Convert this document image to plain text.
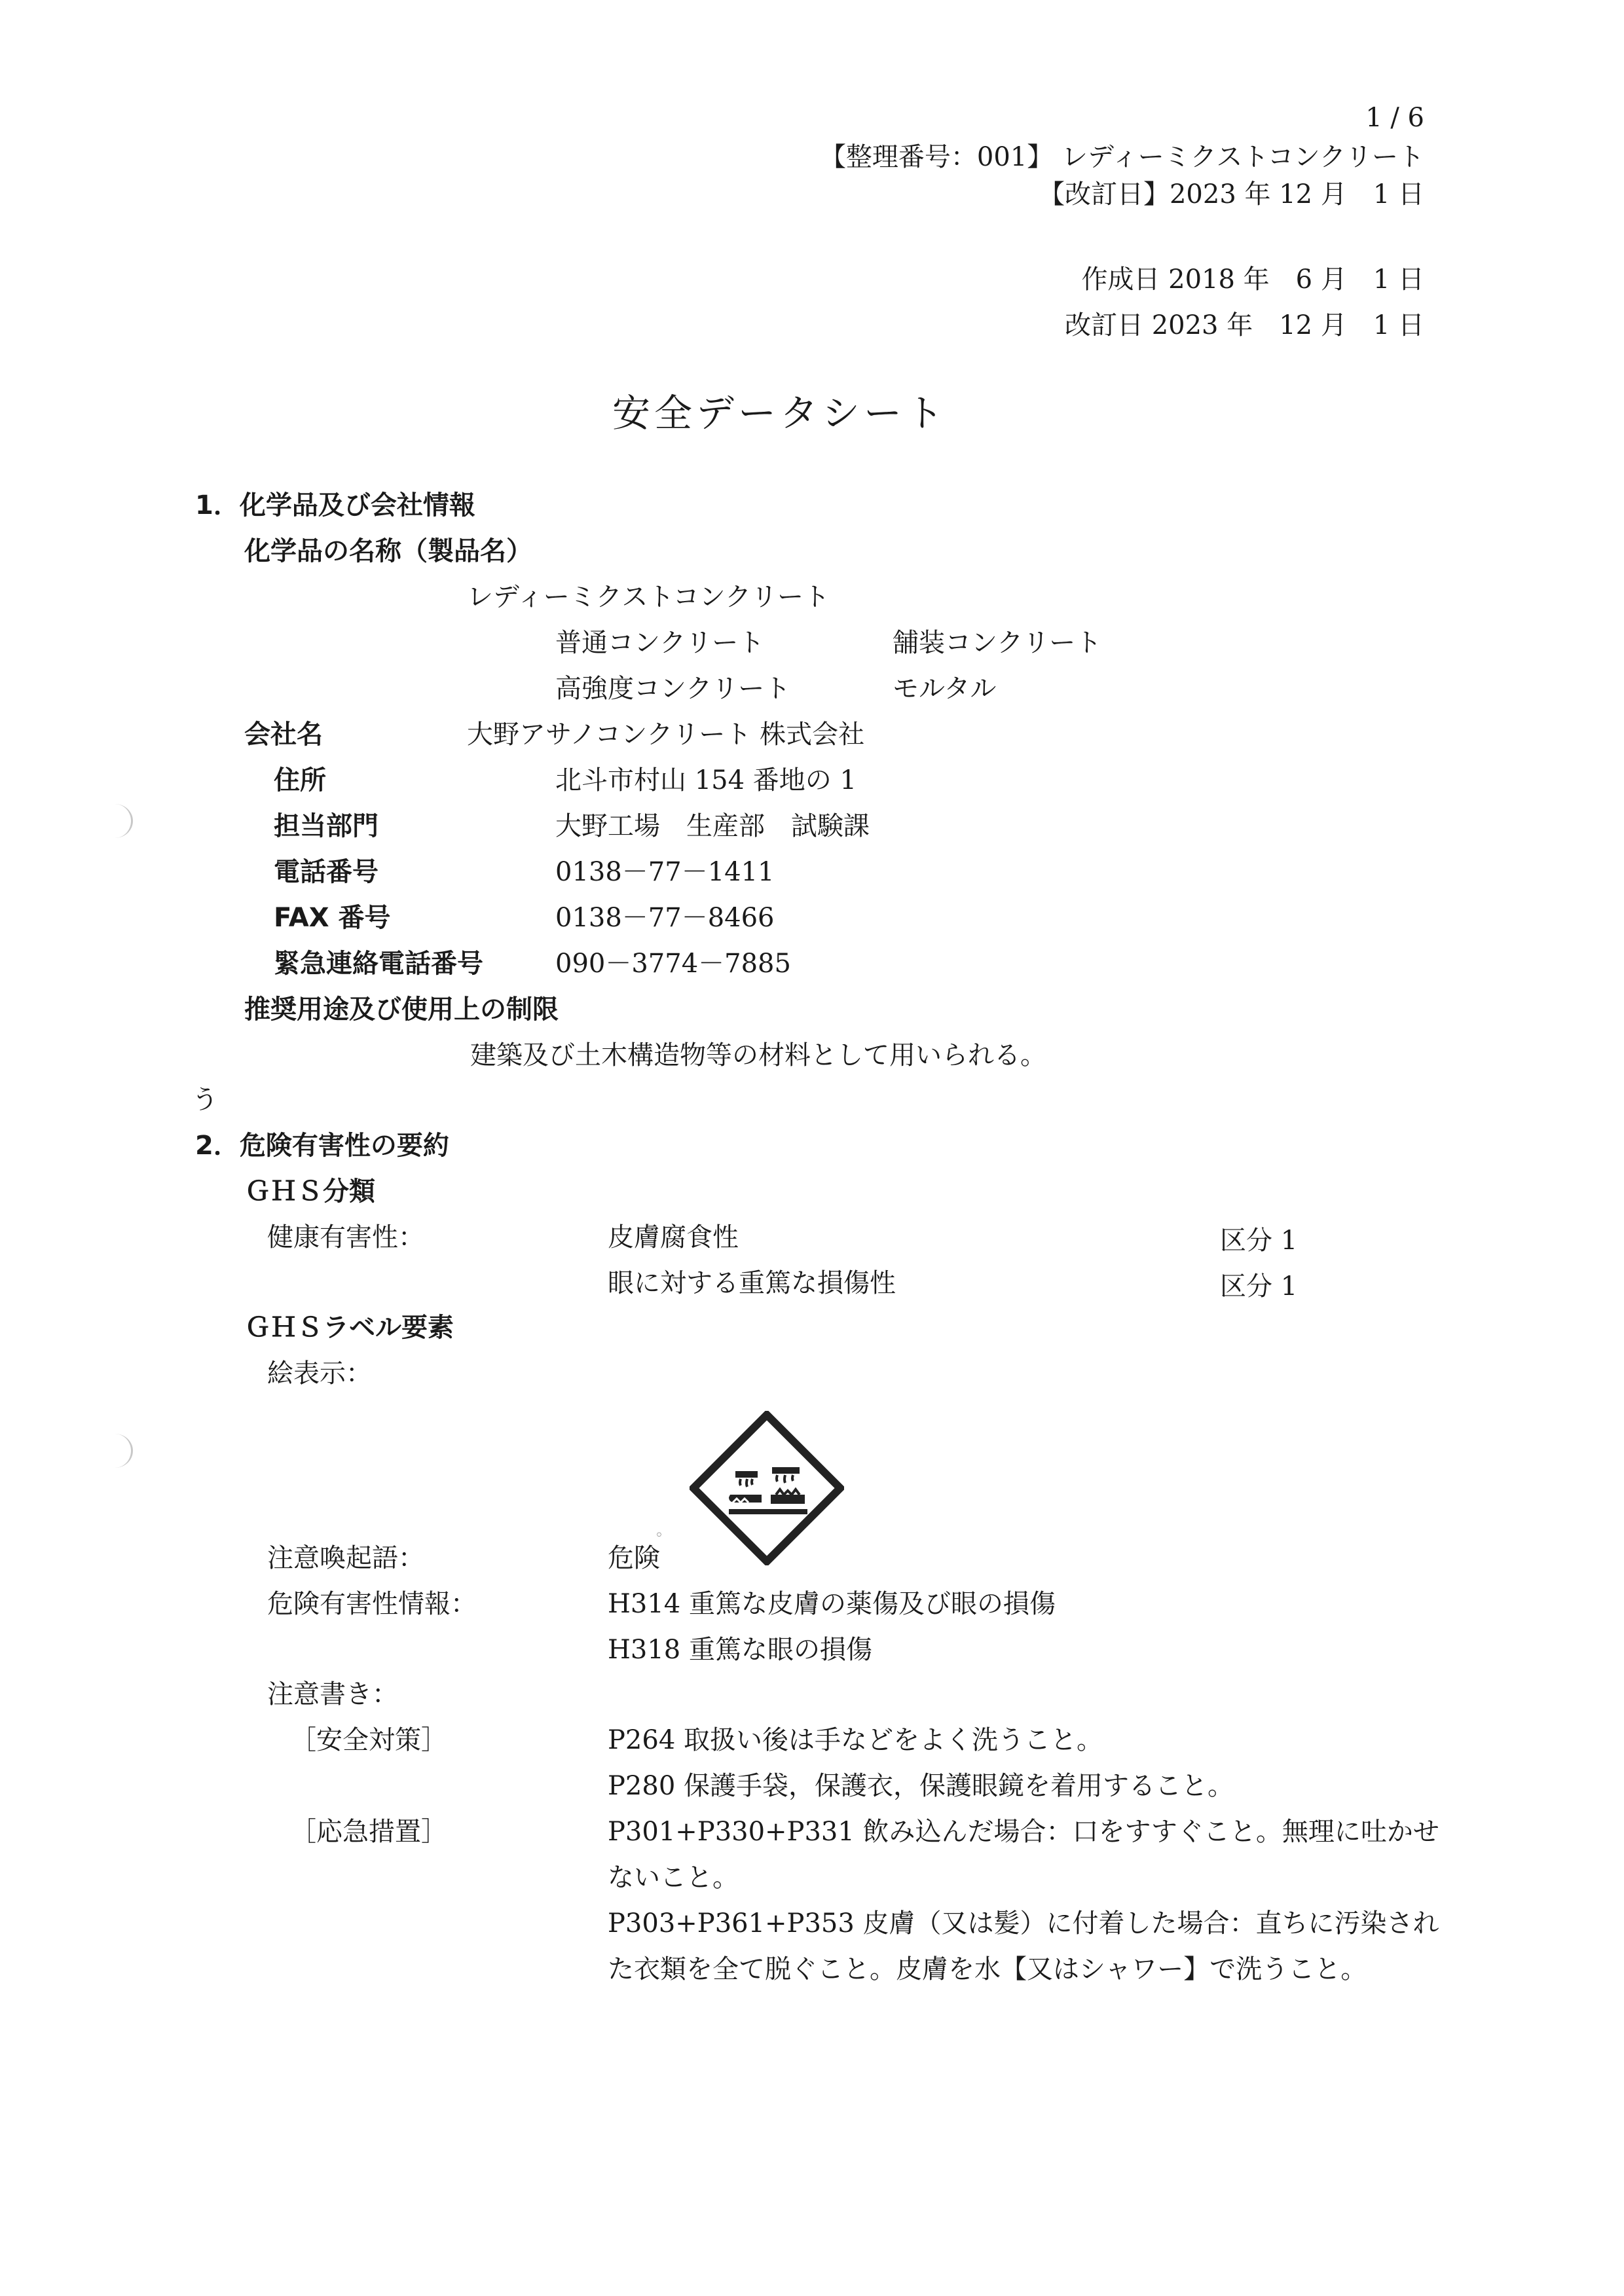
1 / 6
【整理番号：001】 レディーミクストコンクリート
【改訂日】2023 年 12 月　1 日
作成日 2018 年　6 月　1 日
改訂日 2023 年　12 月　1 日
安全データシート
1．化学品及び会社情報
化学品の名称（製品名）
レディーミクストコンクリート
普通コンクリート	舗装コンクリート
高強度コンクリート	モルタル
会社名	大野アサノコンクリート 株式会社
住所	北斗市村山 154 番地の 1
担当部門	大野工場　生産部　試験課
電話番号	0138－77－1411
FAX 番号	0138－77－8466
緊急連絡電話番号	090－3774－7885
推奨用途及び使用上の制限
建築及び土木構造物等の材料として用いられる。
う
2．危険有害性の要約
ＧＨＳ分類
健康有害性：	皮膚腐食性	区分 1
眼に対する重篤な損傷性	区分 1
ＧＨＳラベル要素
絵表示：
◦
注意喚起語：	危険
危険有害性情報：	H314 重篤な皮膚の薬傷及び眼の損傷
H318 重篤な眼の損傷
注意書き：
［安全対策］	P264 取扱い後は手などをよく洗うこと。
P280 保護手袋，保護衣，保護眼鏡を着用すること。
［応急措置］	P301+P330+P331 飲み込んだ場合：口をすすぐこと。無理に吐かせ
ないこと。
P303+P361+P353 皮膚（又は髪）に付着した場合：直ちに汚染され
た衣類を全て脱ぐこと。皮膚を水【又はシャワー】で洗うこと。
